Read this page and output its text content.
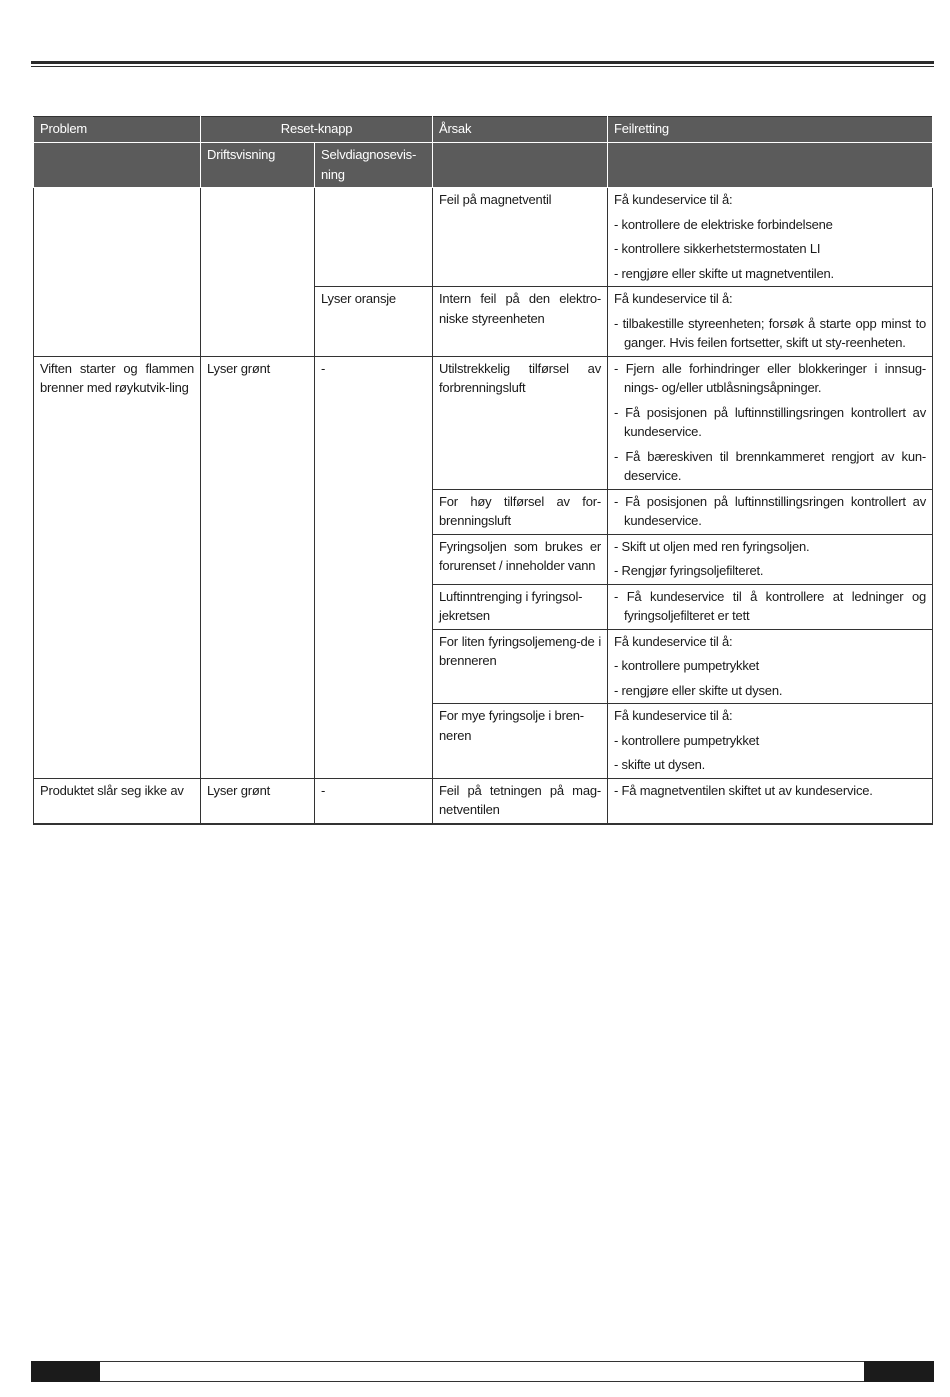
Problem	Reset-knapp		Årsak	Feilretting
	Driftsvisning	Selvdiagnosevis-ning		
			Feil på magnetventil	Få kundeservice til å:
- kontrollere de elektriske forbindelsene
- kontrollere sikkerhetstermostaten LI
- rengjøre eller skifte ut magnetventilen.

		Lyser oransje	Intern feil på den elektro-niske styreenheten	Få kundeservice til å:
- tilbakestille styreenheten; forsøk å starte opp minst to ganger. Hvis feilen fortsetter, skift ut sty-reenheten.

Viften starter og flammen brenner med røykutvik-ling	Lyser grønt	-	Utilstrekkelig tilførsel av forbrenningsluft	- Fjern alle forhindringer eller blokkeringer i innsug-nings- og/eller utblåsningsåpninger.
- Få posisjonen på luftinnstillingsringen kontrollert av kundeservice.
- Få bæreskiven til brennkammeret rengjort av kun-deservice.

			For høy tilførsel av for-brenningsluft	- Få posisjonen på luftinnstillingsringen kontrollert av kundeservice.

			Fyringsoljen som brukes er forurenset / inneholder vann	- Skift ut oljen med ren fyringsoljen.
- Rengjør fyringsoljefilteret.

			Luftinntrenging i fyringsol-jekretsen	- Få kundeservice til å kontrollere at ledninger og fyringsoljefilteret er tett

			For liten fyringsoljemeng-de i brenneren	Få kundeservice til å:
- kontrollere pumpetrykket
- rengjøre eller skifte ut dysen.

			For mye fyringsolje i bren-neren	Få kundeservice til å:
- kontrollere pumpetrykket
- skifte ut dysen.

Produktet slår seg ikke av	Lyser grønt	-	Feil på tetningen på mag-netventilen	- Få magnetventilen skiftet ut av kundeservice.
